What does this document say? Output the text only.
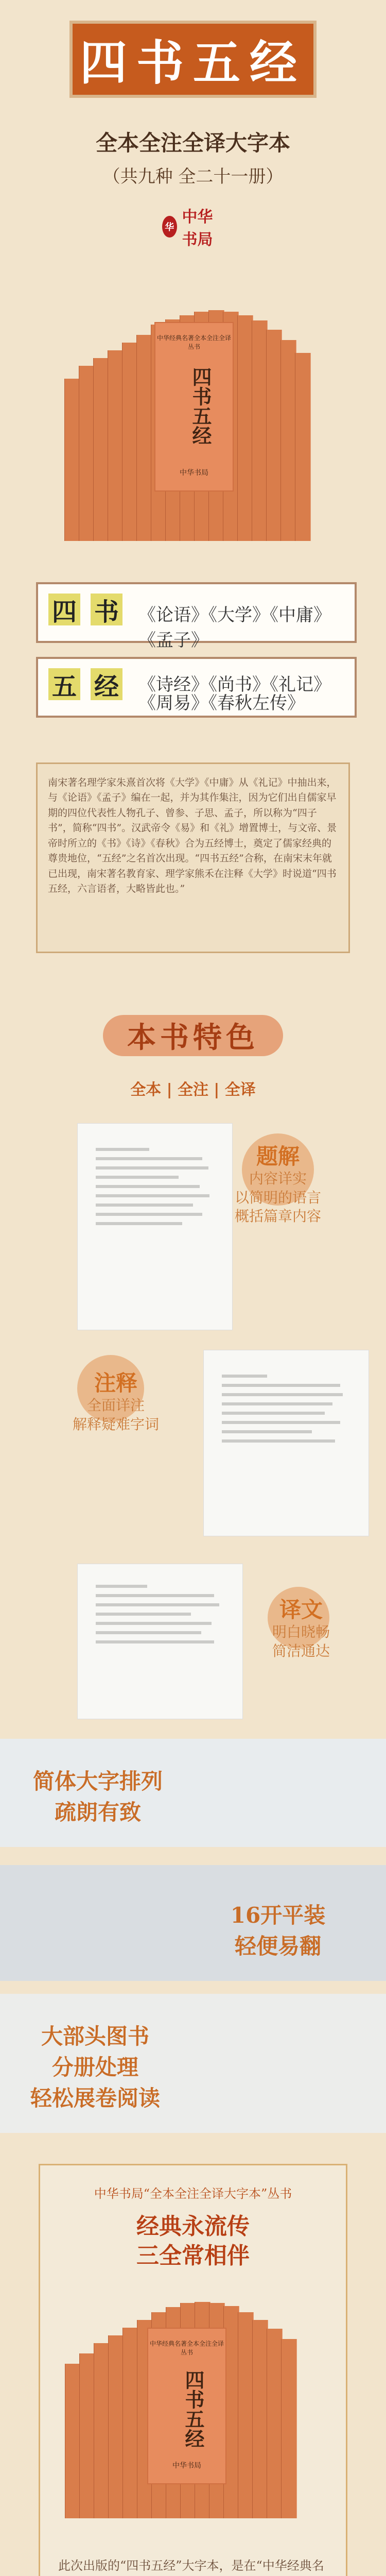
四书五经
全本全注全译大字本
（共九种 全二十一册）
华
中华书局
中华经典名著全本全注全译丛书
四书五经
中华书局
四 书 《论语》《大学》《中庸》《孟子》
五 经 《诗经》《尚书》《礼记》
《周易》《春秋左传》
南宋著名理学家朱熹首次将《大学》《中庸》从《礼记》中抽出来，与《论语》《孟子》编在一起，并为其作集注，因为它们出自儒家早期的四位代表性人物孔子、曾参、子思、孟子，所以称为“四子书”，简称“四书”。汉武帝令《易》和《礼》增置博士，与文帝、景帝时所立的《书》《诗》《春秋》合为五经博士，奠定了儒家经典的尊贵地位，“五经”之名首次出现。“四书五经”合称，在南宋末年就已出现，南宋著名教育家、理学家熊禾在注释《大学》时说道“四书五经，六言语者，大略皆此也。”
本书特色
全本 | 全注 | 全译
题解
内容详实
以简明的语言
概括篇章内容
注释
全面详注
解释疑难字词
译文
明白晓畅
简洁通达
简体大字排列
疏朗有致
16开平装
轻便易翻
大部头图书
分册处理
轻松展卷阅读
中华书局“全本全注全译大字本”丛书
经典永流传
三全常相伴
中华经典名著全本全注全译丛书
四书五经
中华书局
此次出版的“四书五经”大字本，是在“中华经典名
